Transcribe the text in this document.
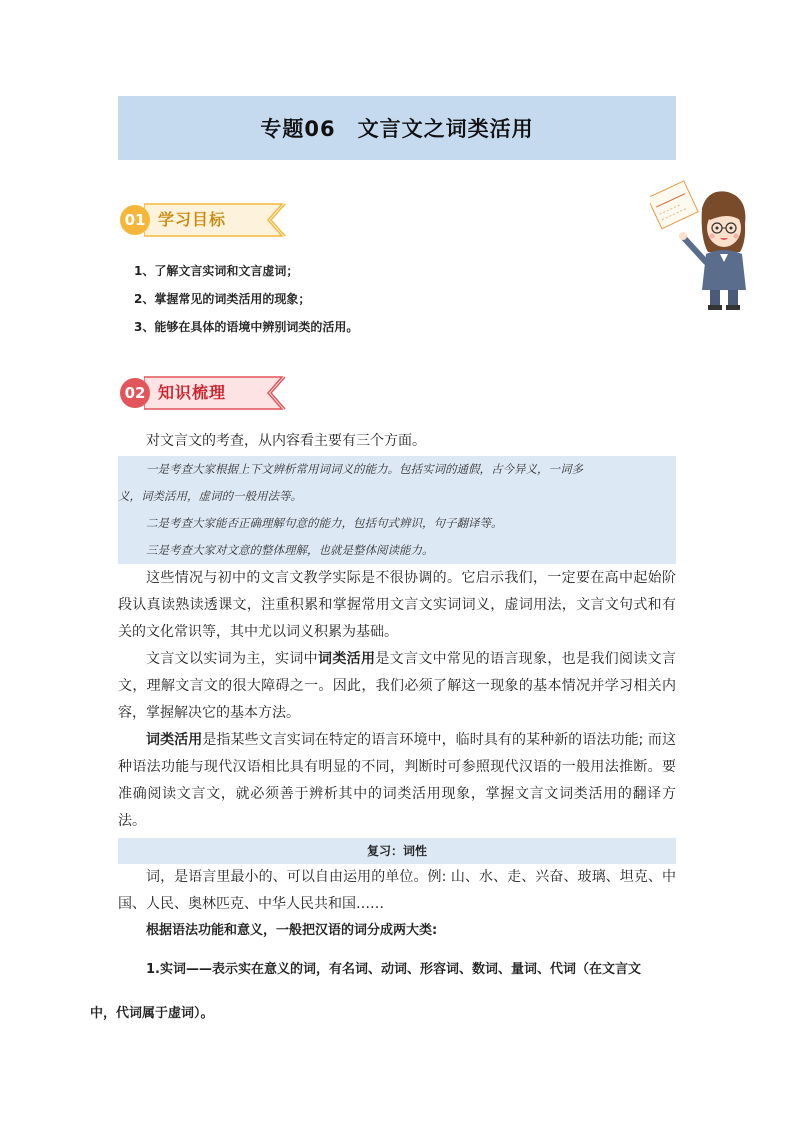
专题06 文言文之词类活用
01 学习目标
1、了解文言实词和文言虚词；
2、掌握常见的词类活用的现象；
3、能够在具体的语境中辨别词类的活用。
02 知识梳理

对文言文的考查，从内容看主要有三个方面。

一是考查大家根据上下文辨析常用词词义的能力。包括实词的通假，古今异义，一词多

义，词类活用，虚词的一般用法等。

二是考查大家能否正确理解句意的能力，包括句式辨识，句子翻译等。

三是考查大家对文意的整体理解，也就是整体阅读能力。

这些情况与初中的文言文教学实际是不很协调的。它启示我们，一定要在高中起始阶段认真读熟读透课文，注重积累和掌握常用文言文实词词义，虚词用法，文言文句式和有关的文化常识等，其中尤以词义积累为基础。

文言文以实词为主，实词中词类活用是文言文中常见的语言现象，也是我们阅读文言文，理解文言文的很大障碍之一。因此，我们必须了解这一现象的基本情况并学习相关内容，掌握解决它的基本方法。

词类活用是指某些文言实词在特定的语言环境中，临时具有的某种新的语法功能; 而这种语法功能与现代汉语相比具有明显的不同，判断时可参照现代汉语的一般用法推断。要准确阅读文言文，就必须善于辨析其中的词类活用现象，掌握文言文词类活用的翻译方法。

复习：词性

词，是语言里最小的、可以自由运用的单位。例: 山、水、走、兴奋、玻璃、坦克、中国、人民、奥林匹克、中华人民共和国……

根据语法功能和意义，一般把汉语的词分成两大类:

1.实词——表示实在意义的词，有名词、动词、形容词、数词、量词、代词（在文言文
中，代词属于虚词）。
